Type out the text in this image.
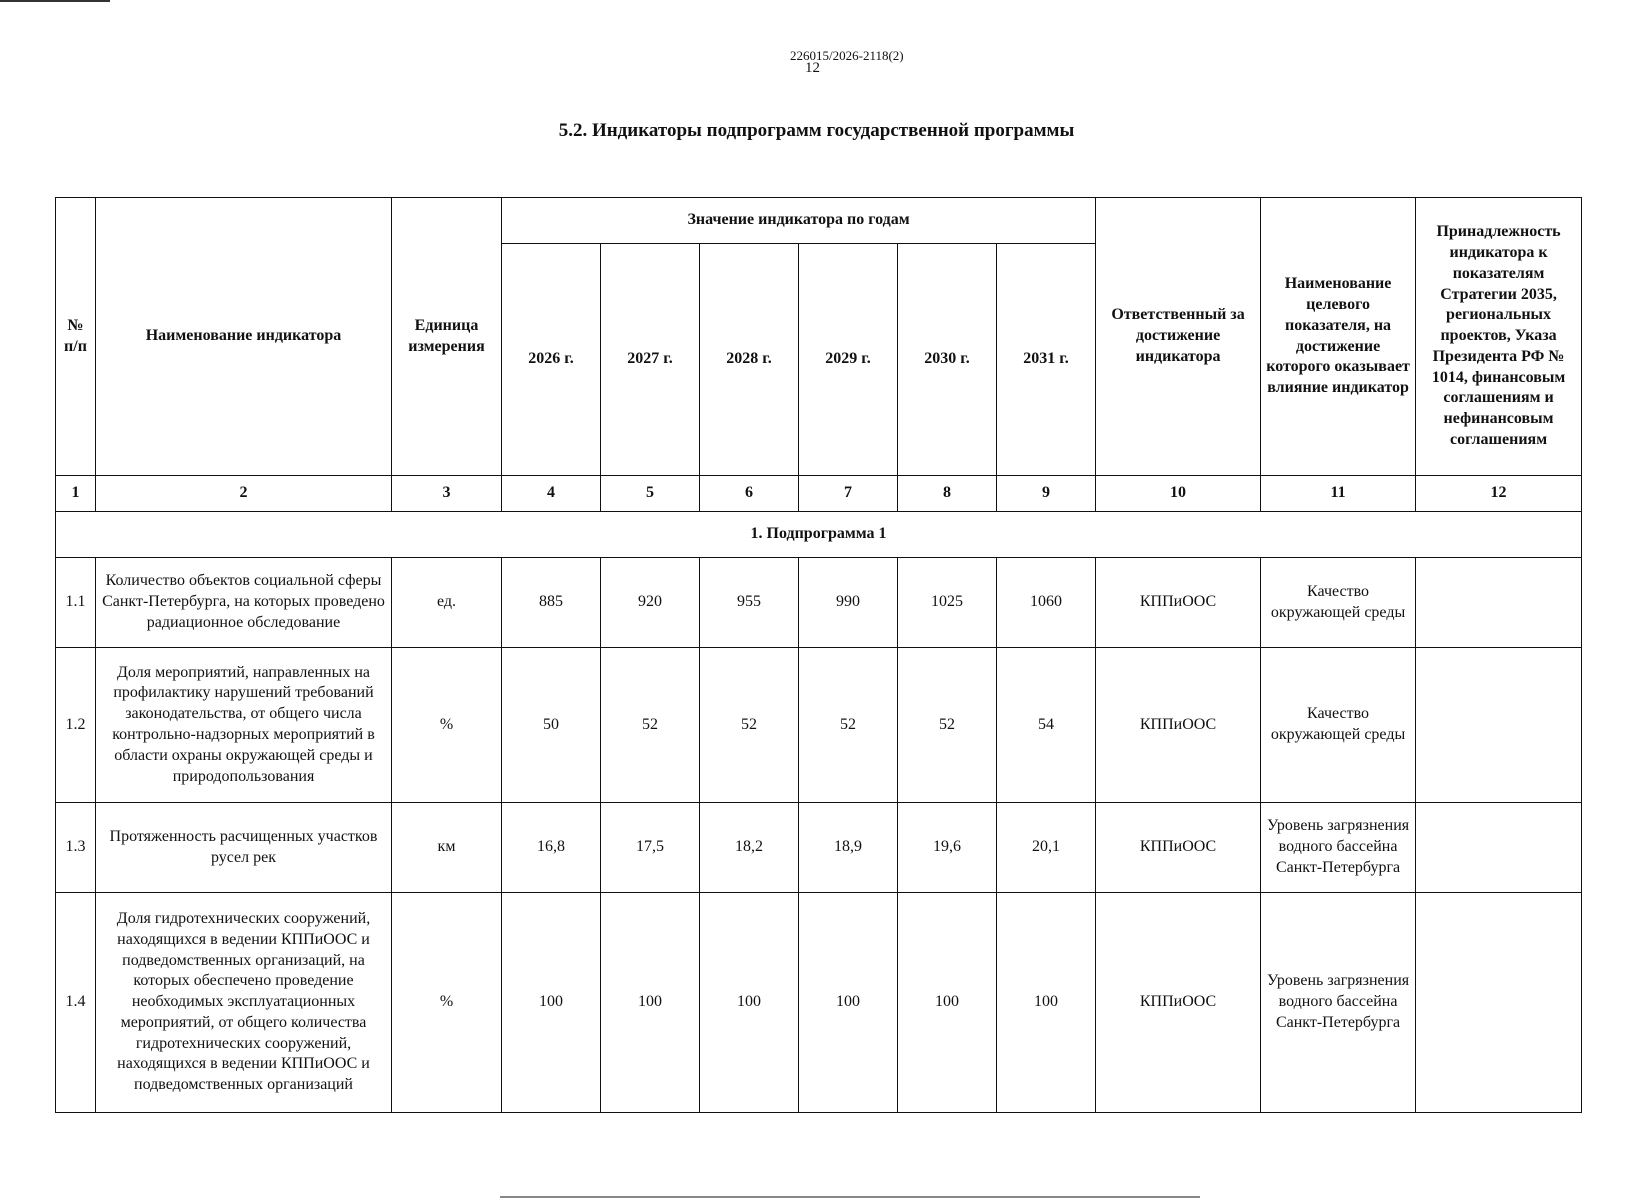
226015/2026-2118(2)
12
5.2. Индикаторы подпрограмм государственной программы
№ п/п	Наименование индикатора	Единица измерения	Значение индикатора по годам						Ответственный за достижение индикатора	Наименование целевого показателя, на достижение которого оказывает влияние индикатор	Принадлежность индикатора к показателям Стратегии 2035, региональных проектов, Указа Президента РФ № 1014, финансовым соглашениям и нефинансовым соглашениям
			2026 г.	2027 г.	2028 г.	2029 г.	2030 г.	2031 г.			
1	2	3	4	5	6	7	8	9	10	11	12
1. Подпрограмма 1											
1.1	Количество объектов социальной сферы Санкт-Петербурга, на которых проведено радиационное обследование	ед.	885	920	955	990	1025	1060	КППиООС	Качество окружающей среды	
1.2	Доля мероприятий, направленных на профилактику нарушений требований законодательства, от общего числа контрольно-надзорных мероприятий в области охраны окружающей среды и природопользования	%	50	52	52	52	52	54	КППиООС	Качество окружающей среды	
1.3	Протяженность расчищенных участков русел рек	км	16,8	17,5	18,2	18,9	19,6	20,1	КППиООС	Уровень загрязнения водного бассейна Санкт-Петербурга	
1.4	Доля гидротехнических сооружений, находящихся в ведении КППиООС и подведомственных организаций, на которых обеспечено проведение необходимых эксплуатационных мероприятий, от общего количества гидротехнических сооружений, находящихся в ведении КППиООС и подведомственных организаций	%	100	100	100	100	100	100	КППиООС	Уровень загрязнения водного бассейна Санкт-Петербурга	
